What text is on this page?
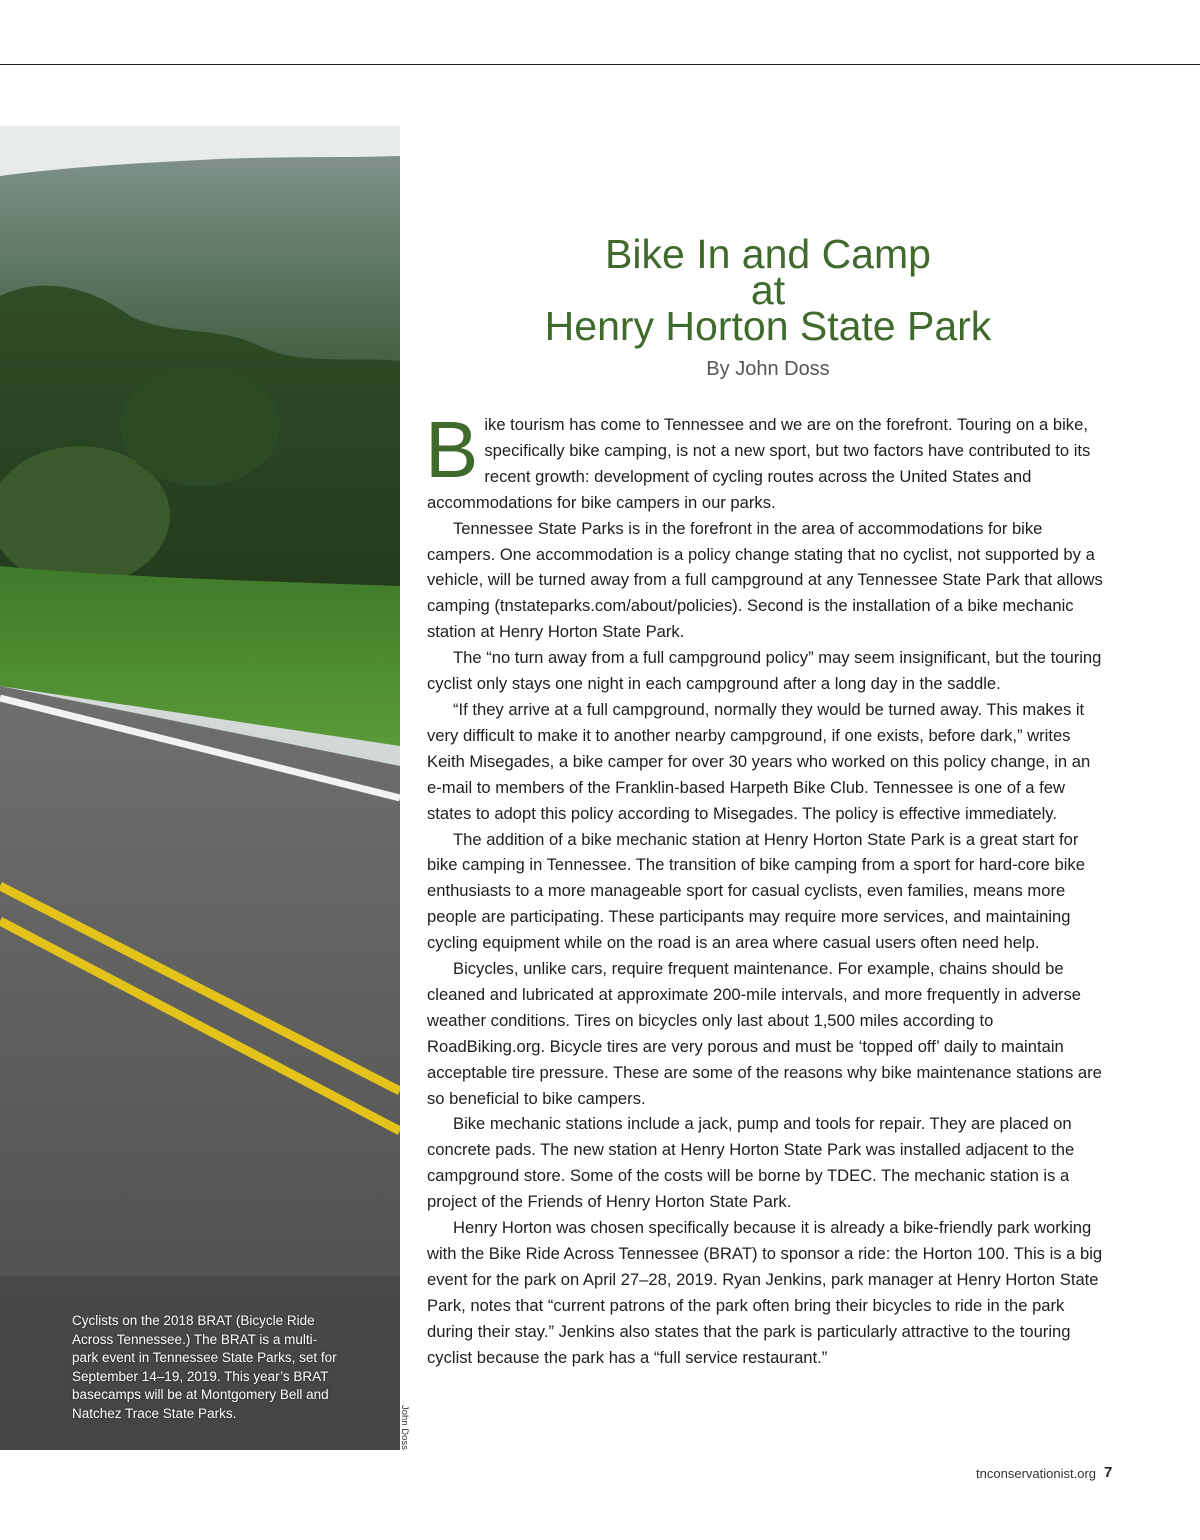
Cyclists on the 2018 BRAT (Bicycle Ride Across Tennessee.) The BRAT is a multi-park event in Tennessee State Parks, set for September 14–19, 2019. This year’s BRAT basecamps will be at Montgomery Bell and Natchez Trace State Parks.	John Doss
Bike In and Camp
at
Henry Horton State Park
By John Doss

Bike tourism has come to Tennessee and we are on the forefront. Touring on a bike, specifically bike camping, is not a new sport, but two factors have contributed to its recent growth: development of cycling routes across the United States and accommodations for bike campers in our parks.

Tennessee State Parks is in the forefront in the area of accommodations for bike campers. One accommodation is a policy change stating that no cyclist, not supported by a vehicle, will be turned away from a full campground at any Tennessee State Park that allows camping (tnstateparks.com/about/policies). Second is the installation of a bike mechanic station at Henry Horton State Park.

The “no turn away from a full campground policy” may seem insignificant, but the touring cyclist only stays one night in each campground after a long day in the saddle.

“If they arrive at a full campground, normally they would be turned away. This makes it very difficult to make it to another nearby campground, if one exists, before dark,” writes Keith Misegades, a bike camper for over 30 years who worked on this policy change, in an e-mail to members of the Franklin-based Harpeth Bike Club. Tennessee is one of a few states to adopt this policy according to Misegades. The policy is effective immediately.

The addition of a bike mechanic station at Henry Horton State Park is a great start for bike camping in Tennessee. The transition of bike camping from a sport for hard-core bike enthusiasts to a more manageable sport for casual cyclists, even families, means more people are participating. These participants may require more services, and maintaining cycling equipment while on the road is an area where casual users often need help.

Bicycles, unlike cars, require frequent maintenance. For example, chains should be cleaned and lubricated at approximate 200-mile intervals, and more frequently in adverse weather conditions. Tires on bicycles only last about 1,500 miles according to RoadBiking.org. Bicycle tires are very porous and must be ‘topped off’ daily to maintain acceptable tire pressure. These are some of the reasons why bike maintenance stations are so beneficial to bike campers.

Bike mechanic stations include a jack, pump and tools for repair. They are placed on concrete pads. The new station at Henry Horton State Park was installed adjacent to the campground store. Some of the costs will be borne by TDEC. The mechanic station is a project of the Friends of Henry Horton State Park.

Henry Horton was chosen specifically because it is already a bike-friendly park working with the Bike Ride Across Tennessee (BRAT) to sponsor a ride: the Horton 100. This is a big event for the park on April 27–28, 2019. Ryan Jenkins, park manager at Henry Horton State Park, notes that “current patrons of the park often bring their bicycles to ride in the park during their stay.” Jenkins also states that the park is particularly attractive to the touring cyclist because the park has a “full service restaurant.”

tnconservationist.org 7
